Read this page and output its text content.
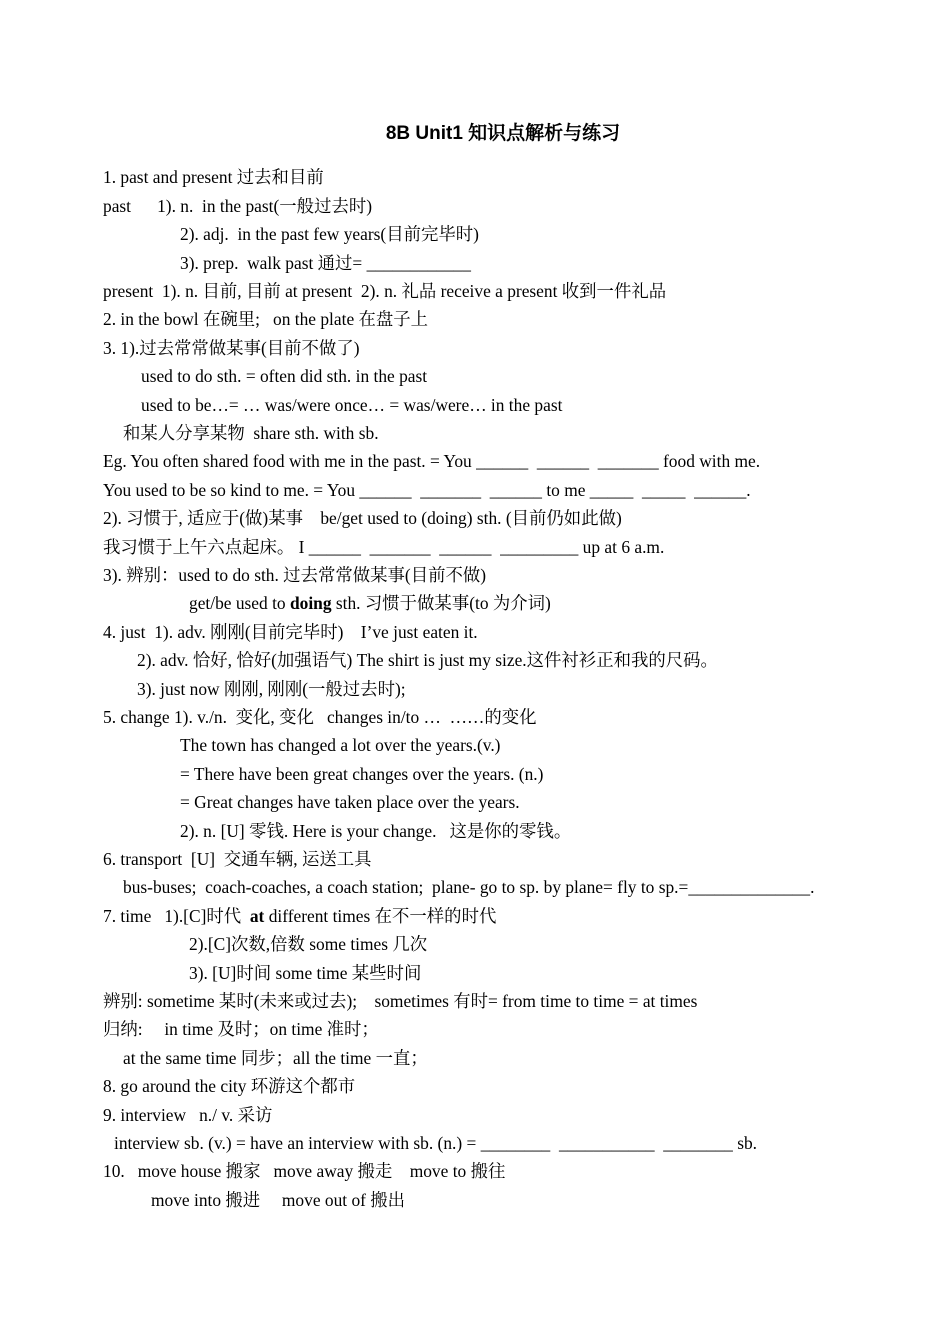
8B Unit1 知识点解析与练习
1. past and present 过去和目前
past      1). n.  in the past(一般过去时)
2). adj.  in the past few years(目前完毕时)
3). prep.  walk past 通过= ____________
present  1). n. 目前, 目前 at present  2). n. 礼品 receive a present 收到一件礼品
2. in the bowl 在碗里;   on the plate 在盘子上
3. 1).过去常常做某事(目前不做了)
used to do sth. = often did sth. in the past
used to be…= … was/were once… = was/were… in the past
和某人分享某物  share sth. with sb.
Eg. You often shared food with me in the past. = You ______  ______  _______ food with me.
You used to be so kind to me. = You ______  _______  ______ to me _____  _____  ______.
2). 习惯于, 适应于(做)某事    be/get used to (doing) sth. (目前仍如此做)
我习惯于上午六点起床。 I ______  _______  ______  _________ up at 6 a.m.
3). 辨别：used to do sth. 过去常常做某事(目前不做)
get/be used to doing sth. 习惯于做某事(to 为介词)
4. just  1). adv. 刚刚(目前完毕时)    I’ve just eaten it.
2). adv. 恰好, 恰好(加强语气) The shirt is just my size.这件衬衫正和我的尺码。
3). just now 刚刚, 刚刚(一般过去时);
5. change 1). v./n.  变化, 变化   changes in/to …  ……的变化
The town has changed a lot over the years.(v.)
= There have been great changes over the years. (n.)
= Great changes have taken place over the years.
2). n. [U] 零钱. Here is your change.   这是你的零钱。
6. transport  [U]  交通车辆, 运送工具
bus-buses;  coach-coaches, a coach station;  plane- go to sp. by plane= fly to sp.=______________.
7. time   1).[C]时代  at different times 在不一样的时代
2).[C]次数,倍数 some times 几次
3). [U]时间 some time 某些时间
辨别: sometime 某时(未来或过去);    sometimes 有时= from time to time = at times
归纳:     in time 及时；on time 准时；
at the same time 同步；all the time 一直；
8. go around the city 环游这个都市
9. interview   n./ v. 采访
interview sb. (v.) = have an interview with sb. (n.) = ________  ___________  ________ sb.
10.   move house 搬家   move away 搬走    move to 搬往
move into 搬进     move out of 搬出
